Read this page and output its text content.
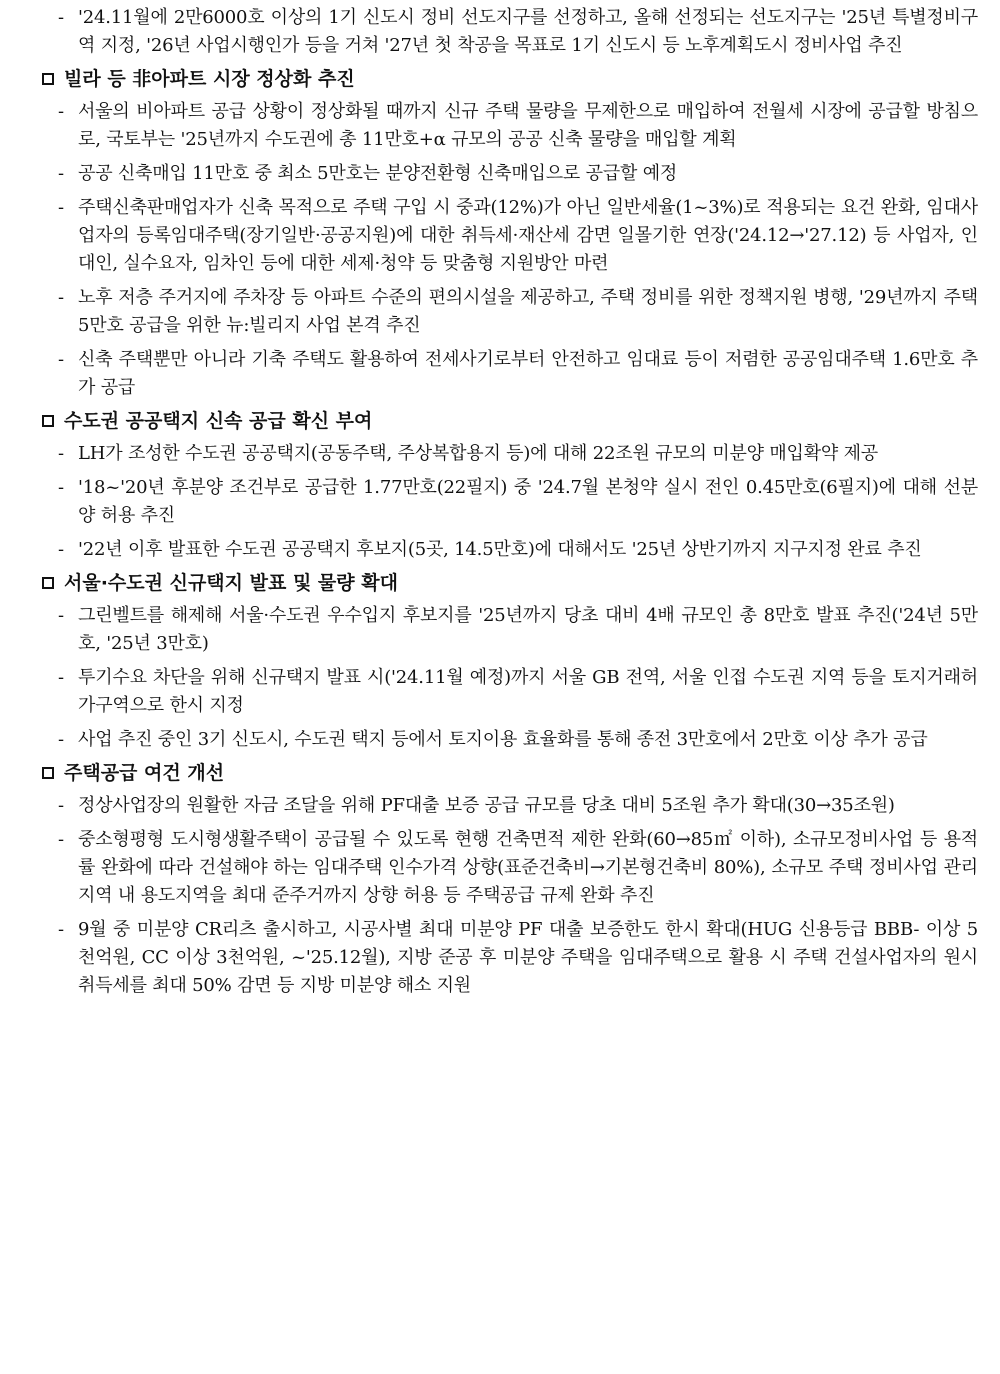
- '24.11월에 2만6000호 이상의 1기 신도시 정비 선도지구를 선정하고, 올해 선정되는 선도지구는 '25년 특별정비구역 지정, '26년 사업시행인가 등을 거쳐 '27년 첫 착공을 목표로 1기 신도시 등 노후계획도시 정비사업 추진
빌라 등 非아파트 시장 정상화 추진
- 서울의 비아파트 공급 상황이 정상화될 때까지 신규 주택 물량을 무제한으로 매입하여 전월세 시장에 공급할 방침으로, 국토부는 '25년까지 수도권에 총 11만호+α 규모의 공공 신축 물량을 매입할 계획
- 공공 신축매입 11만호 중 최소 5만호는 분양전환형 신축매입으로 공급할 예정
- 주택신축판매업자가 신축 목적으로 주택 구입 시 중과(12%)가 아닌 일반세율(1~3%)로 적용되는 요건 완화, 임대사업자의 등록임대주택(장기일반·공공지원)에 대한 취득세·재산세 감면 일몰기한 연장('24.12→'27.12) 등 사업자, 인대인, 실수요자, 임차인 등에 대한 세제·청약 등 맞춤형 지원방안 마련
- 노후 저층 주거지에 주차장 등 아파트 수준의 편의시설을 제공하고, 주택 정비를 위한 정책지원 병행, '29년까지 주택 5만호 공급을 위한 뉴:빌리지 사업 본격 추진
- 신축 주택뿐만 아니라 기축 주택도 활용하여 전세사기로부터 안전하고 임대료 등이 저렴한 공공임대주택 1.6만호 추가 공급
수도권 공공택지 신속 공급 확신 부여
- LH가 조성한 수도권 공공택지(공동주택, 주상복합용지 등)에 대해 22조원 규모의 미분양 매입확약 제공
- '18~'20년 후분양 조건부로 공급한 1.77만호(22필지) 중 '24.7월 본청약 실시 전인 0.45만호(6필지)에 대해 선분양 허용 추진
- '22년 이후 발표한 수도권 공공택지 후보지(5곳, 14.5만호)에 대해서도 '25년 상반기까지 지구지정 완료 추진
서울·수도권 신규택지 발표 및 물량 확대
- 그린벨트를 해제해 서울·수도권 우수입지 후보지를 '25년까지 당초 대비 4배 규모인 총 8만호 발표 추진('24년 5만호, '25년 3만호)
- 투기수요 차단을 위해 신규택지 발표 시('24.11월 예정)까지 서울 GB 전역, 서울 인접 수도권 지역 등을 토지거래허가구역으로 한시 지정
- 사업 추진 중인 3기 신도시, 수도권 택지 등에서 토지이용 효율화를 통해 종전 3만호에서 2만호 이상 추가 공급
주택공급 여건 개선
- 정상사업장의 원활한 자금 조달을 위해 PF대출 보증 공급 규모를 당초 대비 5조원 추가 확대(30→35조원)
- 중소형평형 도시형생활주택이 공급될 수 있도록 현행 건축면적 제한 완화(60→85㎡ 이하), 소규모정비사업 등 용적률 완화에 따라 건설해야 하는 임대주택 인수가격 상향(표준건축비→기본형건축비 80%), 소규모 주택 정비사업 관리지역 내 용도지역을 최대 준주거까지 상향 허용 등 주택공급 규제 완화 추진
- 9월 중 미분양 CR리츠 출시하고, 시공사별 최대 미분양 PF 대출 보증한도 한시 확대(HUG 신용등급 BBB- 이상 5천억원, CC 이상 3천억원, ~'25.12월), 지방 준공 후 미분양 주택을 임대주택으로 활용 시 주택 건설사업자의 원시취득세를 최대 50% 감면 등 지방 미분양 해소 지원
